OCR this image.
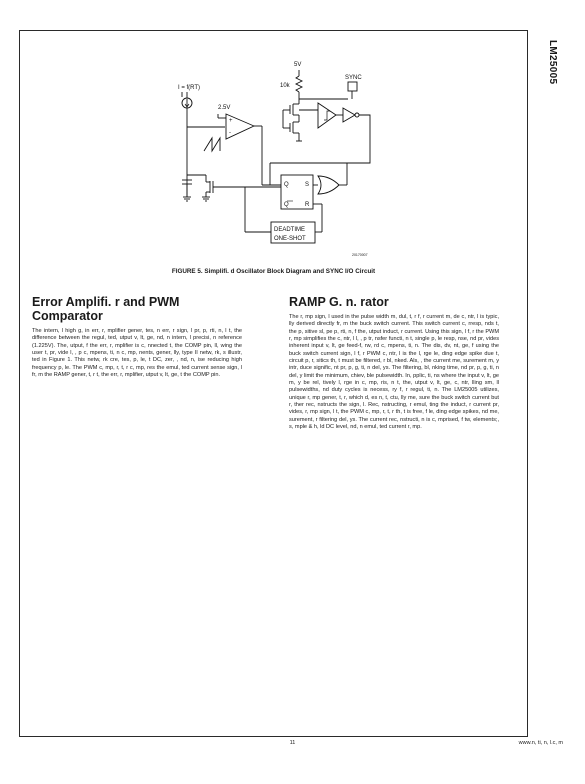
LM25005
5V
10k
SYNC
I = f(RT)
2.5V
+
-
Q	S
Q	R
DEADTIME
ONE-SHOT
20170007
FIGURE 5. Simplifi. d Oscillator Block Diagram and SYNC I/O Circuit
Error Amplifi. r and PWM Comparator

The intern, l high g, in err, r, mplifier gener, tes, n err, r sign, l pr, p, rti, n, l t, the difference between the regul, ted, utput v, lt, ge, nd, n intern, l precisi, n reference (1.225V). The, utput, f the err, r, mplifier is c, nnected t, the COMP pin, ll, wing the user t, pr, vide l, , p c, mpens, ti, n c, mp, nents, gener, lly, type II netw, rk, s illustr, ted in Figure 1. This netw, rk cre, tes, p, le, t DC, zer, , nd, n, ise reducing high frequency p, le. The PWM c, mp, r, t, r c, mp, res the emul, ted current sense sign, l fr, m the RAMP gener, t, r t, the err, r, mplifier, utput v, lt, ge, t the COMP pin.

RAMP G. n. rator

The r, mp sign, l used in the pulse width m, dul, t, r f, r current m, de c, ntr, l is typic, lly derived directly fr, m the buck switch current. This switch current c, rresp, nds t, the p, sitive sl, pe p, rti, n, f the, utput induct, r current. Using this sign, l f, r the PWM r, mp simplifies the c, ntr, l l, , p tr, nsfer functi, n t, single p, le resp, nse, nd pr, vides inherent input v, lt, ge feed-f, rw, rd c, mpens, ti, n. The dis, dv, nt, ge, f using the buck switch current sign, l f, r PWM c, ntr, l is the l, rge le, ding edge spike due t, circuit p, r, sitics th, t must be filtered, r bl, nked. Als, , the current me, surement m, y intr, duce signific, nt pr, p, g, ti, n del, ys. The filtering, bl, nking time, nd pr, p, g, ti, n del, y limit the minimum, chiev, ble pulsewidth. In, pplic, ti, ns where the input v, lt, ge m, y be rel, tively l, rge in c, mp, ris, n t, the, utput v, lt, ge, c, ntr, lling sm, ll pulsewidths, nd duty cycles is necess, ry f, r regul, ti, n. The LM25005 utilizes, unique r, mp gener, t, r, which d, es n, t, ctu, lly me, sure the buck switch current but r, ther rec, nstructs the sign, l. Rec, nstructing, r emul, ting the induct, r current pr, vides, r, mp sign, l t, the PWM c, mp, r, t, r th, t is free, f le, ding edge spikes, nd me, surement, r filtering del, ys. The current rec, nstructi, n is c, mprised, f tw, elements;, s, mple & h, ld DC level, nd, n emul, ted current r, mp.

11	www.n, ti, n, l.c, m
